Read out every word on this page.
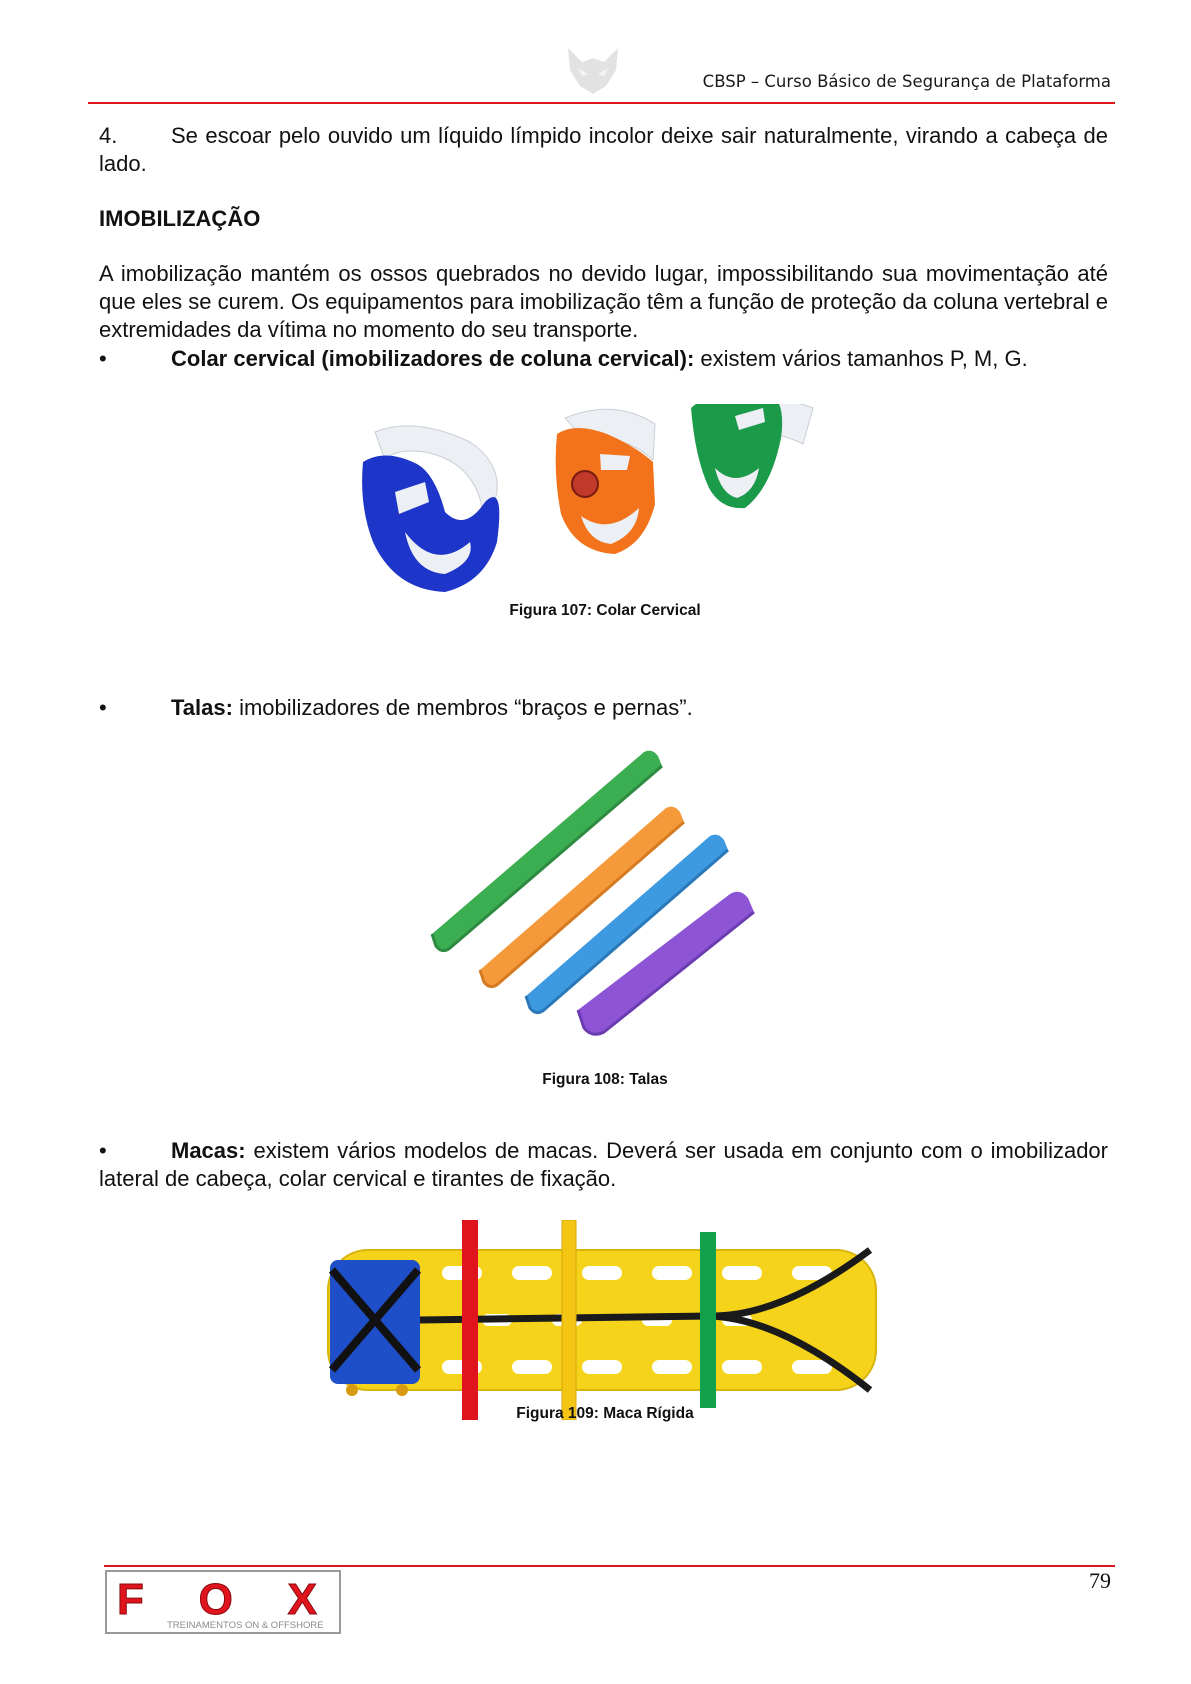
CBSP – Curso Básico de Segurança de Plataforma
4. Se escoar pelo ouvido um líquido límpido incolor deixe sair naturalmente, virando a cabeça de lado.
IMOBILIZAÇÃO
A imobilização mantém os ossos quebrados no devido lugar, impossibilitando sua movimentação até que eles se curem. Os equipamentos para imobilização têm a função de proteção da coluna vertebral e extremidades da vítima no momento do seu transporte.
•	Colar cervical (imobilizadores de coluna cervical): existem vários tamanhos P, M, G.
Figura 107: Colar Cervical
•	Talas: imobilizadores de membros “braços e pernas”.
Figura 108: Talas
•	Macas: existem vários modelos de macas. Deverá ser usada em conjunto com o imobilizador lateral de cabeça, colar cervical e tirantes de fixação.
Figura 109: Maca Rígida
79
FOX
TREINAMENTOS ON & OFFSHORE
